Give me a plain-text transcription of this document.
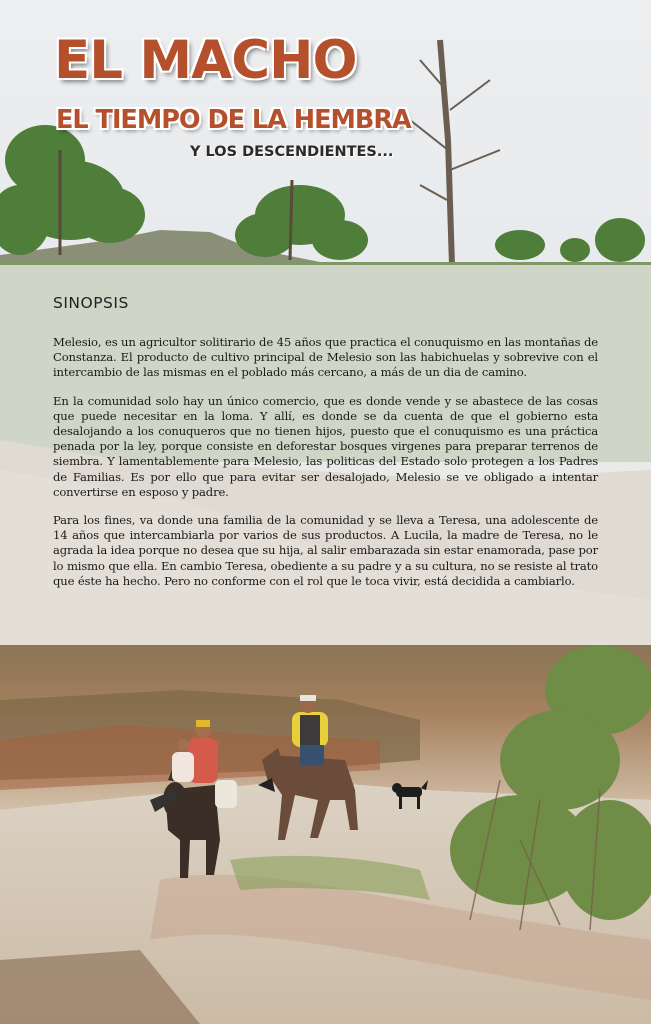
EL MACHO
EL TIEMPO DE LA HEMBRA
Y LOS DESCENDIENTES...
SINOPSIS

Melesio, es un agricultor solitirario de 45 años que practica el conuquismo en las montañas de Constanza. El producto de cultivo principal de Melesio son las habichuelas y sobrevive con el intercambio de las mismas en el poblado más cercano, a más de un dia de camino.

En la comunidad solo hay un único comercio, que es donde vende y se abastece de las cosas que puede necesitar en la loma. Y allí, es donde se da cuenta de que el gobierno esta desalojando a los conuqueros que no tienen hijos, puesto que el conuquismo es una práctica penada por la ley, porque consiste en deforestar bosques virgenes para preparar terrenos de siembra. Y lamentablemente para Melesio, las politicas del Estado solo protegen a los Padres de Familias. Es por ello que para evitar ser desalojado, Melesio se ve obligado a intentar convertirse en esposo y padre.

Para los fines, va donde una familia de la comunidad y se lleva a Teresa, una adolescente de 14 años que intercambiarla por varios de sus productos. A Lucila, la madre de Teresa, no le agrada la idea porque no desea que su hija, al salir embarazada sin estar enamorada, pase por lo mismo que ella. En cambio Teresa, obediente a su padre y a su cultura, no se resiste al trato que éste ha hecho. Pero no conforme con el rol que le toca vivir, está decidida a cambiarlo.
